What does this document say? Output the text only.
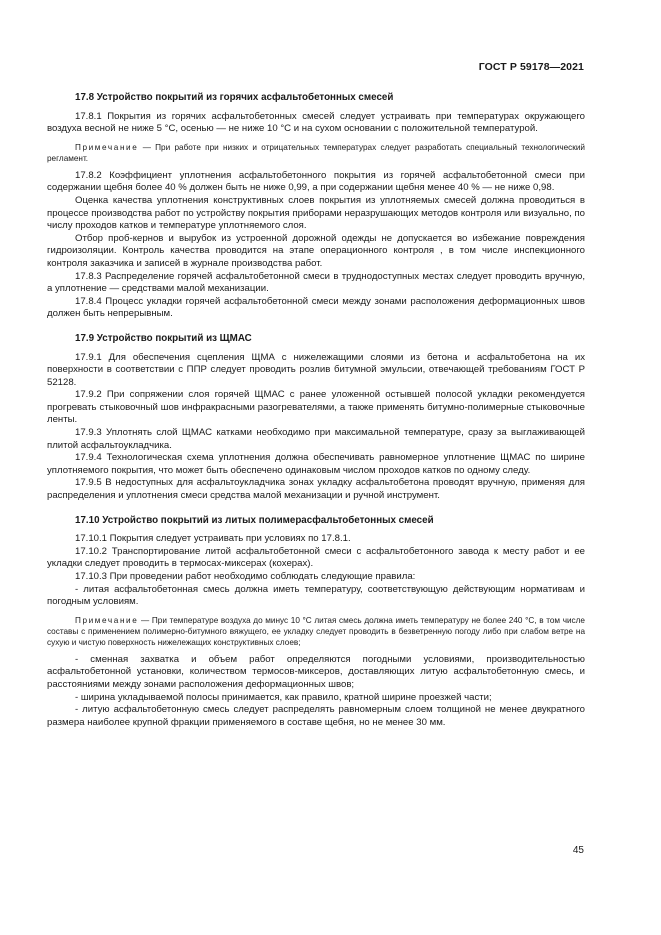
ГОСТ Р 59178—2021
17.8 Устройство покрытий из горячих асфальтобетонных смесей

17.8.1 Покрытия из горячих асфальтобетонных смесей следует устраивать при температурах окружающего воздуха весной не ниже 5 °С, осенью — не ниже 10 °С и на сухом основании с положительной температурой.

Примечание — При работе при низких и отрицательных температурах следует разработать специальный технологический регламент.

17.8.2 Коэффициент уплотнения асфальтобетонного покрытия из горячей асфальтобетонной смеси при содержании щебня более 40 % должен быть не ниже 0,99, а при содержании щебня менее 40 % — не ниже 0,98.

Оценка качества уплотнения конструктивных слоев покрытия из уплотняемых смесей должна проводиться в процессе производства работ по устройству покрытия приборами неразрушающих методов контроля или визуально, по числу проходов катков и температуре уплотняемого слоя.

Отбор проб-кернов и вырубок из устроенной дорожной одежды не допускается во избежание повреждения гидроизоляции. Контроль качества проводится на этапе операционного контроля , в том числе инспекционного контроля заказчика и записей в журнале производства работ.

17.8.3 Распределение горячей асфальтобетонной смеси в труднодоступных местах следует проводить вручную, а уплотнение — средствами малой механизации.

17.8.4 Процесс укладки горячей асфальтобетонной смеси между зонами расположения деформационных швов должен быть непрерывным.

17.9 Устройство покрытий из ЩМАС

17.9.1 Для обеспечения сцепления ЩМА с нижележащими слоями из бетона и асфальтобетона на их поверхности в соответствии с ППР следует проводить розлив битумной эмульсии, отвечающей требованиям ГОСТ Р 52128.

17.9.2 При сопряжении слоя горячей ЩМАС с ранее уложенной остывшей полосой укладки рекомендуется прогревать стыковочный шов инфракрасными разогревателями, а также применять битумно-полимерные стыковочные ленты.

17.9.3 Уплотнять слой ЩМАС катками необходимо при максимальной температуре, сразу за выглаживающей плитой асфальтоукладчика.

17.9.4 Технологическая схема уплотнения должна обеспечивать равномерное уплотнение ЩМАС по ширине уплотняемого покрытия, что может быть обеспечено одинаковым числом проходов катков по одному следу.

17.9.5 В недоступных для асфальтоукладчика зонах укладку асфальтобетона проводят вручную, применяя для распределения и уплотнения смеси средства малой механизации и ручной инструмент.

17.10 Устройство покрытий из литых полимерасфальтобетонных смесей

17.10.1 Покрытия следует устраивать при условиях по 17.8.1.

17.10.2 Транспортирование литой асфальтобетонной смеси с асфальтобетонного завода к месту работ и ее укладки следует проводить в термосах-миксерах (кохерах).

17.10.3 При проведении работ необходимо соблюдать следующие правила:

- литая асфальтобетонная смесь должна иметь температуру, соответствующую действующим нормативам и погодным условиям.

Примечание — При температуре воздуха до минус 10 °С литая смесь должна иметь температуру не более 240 °С, в том числе составы с применением полимерно-битумного вяжущего, ее укладку следует проводить в безветренную погоду либо при слабом ветре на сухую и чистую поверхность нижележащих конструктивных слоев;

- сменная захватка и объем работ определяются погодными условиями, производительностью асфальтобетонной установки, количеством термосов-миксеров, доставляющих литую асфальтобетонную смесь, и расстояниями между зонами расположения деформационных швов;

- ширина укладываемой полосы принимается, как правило, кратной ширине проезжей части;

- литую асфальтобетонную смесь следует распределять равномерным слоем толщиной не менее двукратного размера наиболее крупной фракции применяемого в составе щебня, но не менее 30 мм.

45
